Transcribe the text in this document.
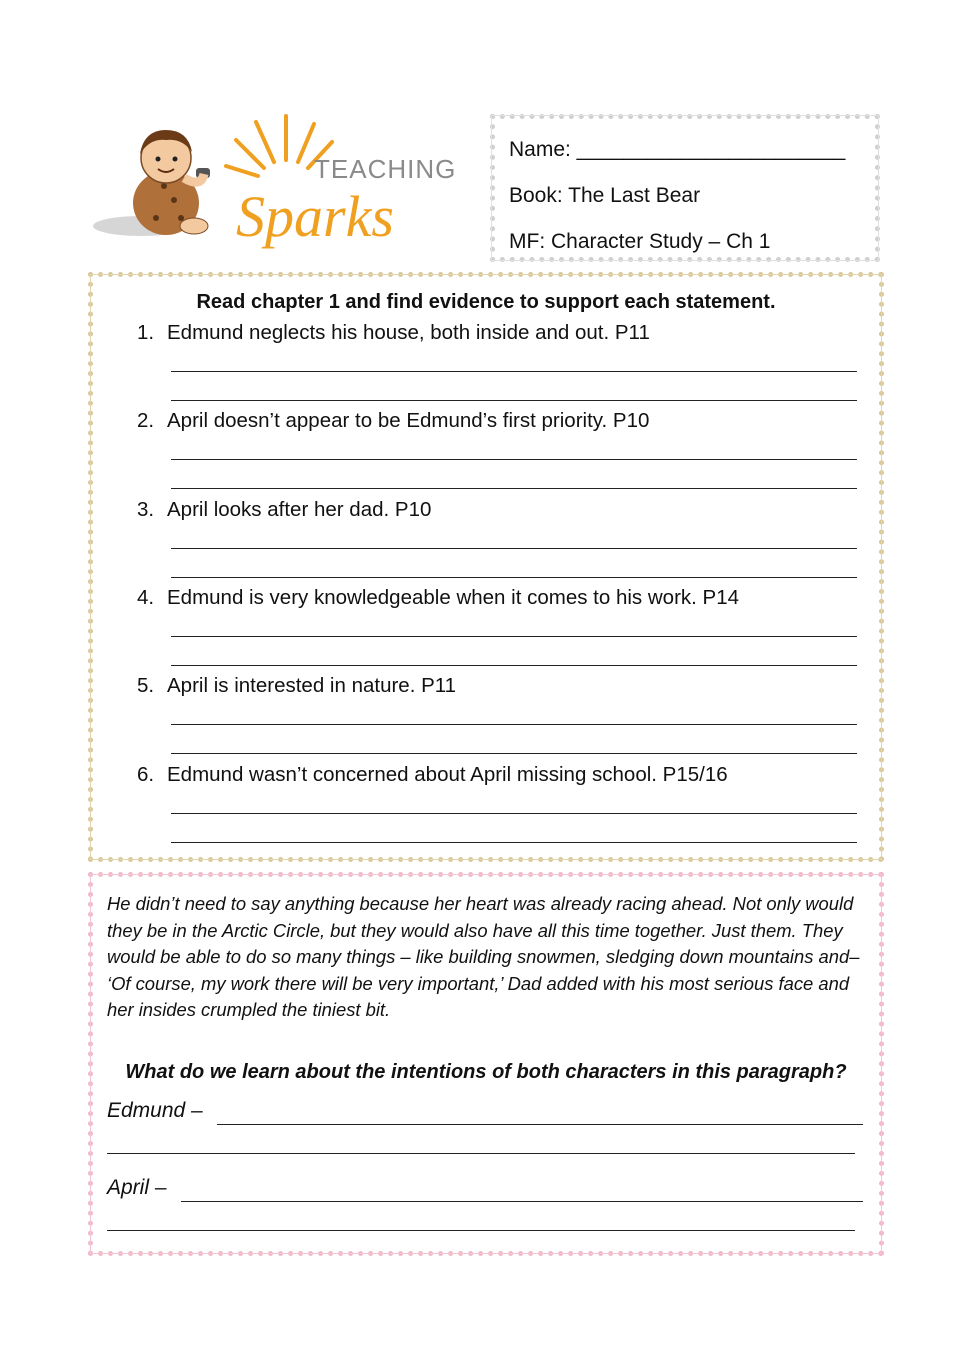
TEACHING
Sparks
Name: _______________________
Book: The Last Bear
MF: Character Study – Ch 1
Read chapter 1 and find evidence to support each statement.
1. Edmund neglects his house, both inside and out. P11
2. April doesn’t appear to be Edmund’s first priority. P10
3. April looks after her dad. P10
4. Edmund is very knowledgeable when it comes to his work. P14
5. April is interested in nature. P11
6. Edmund wasn’t concerned about April missing school. P15/16

He didn’t need to say anything because her heart was already racing ahead. Not only would they be in the Arctic Circle, but they would also have all this time together. Just them. They would be able to do so many things – like building snowmen, sledging down mountains and–

‘Of course, my work there will be very important,’ Dad added with his most serious face and her insides crumpled the tiniest bit.

What do we learn about the intentions of both characters in this paragraph?
Edmund –
April –
